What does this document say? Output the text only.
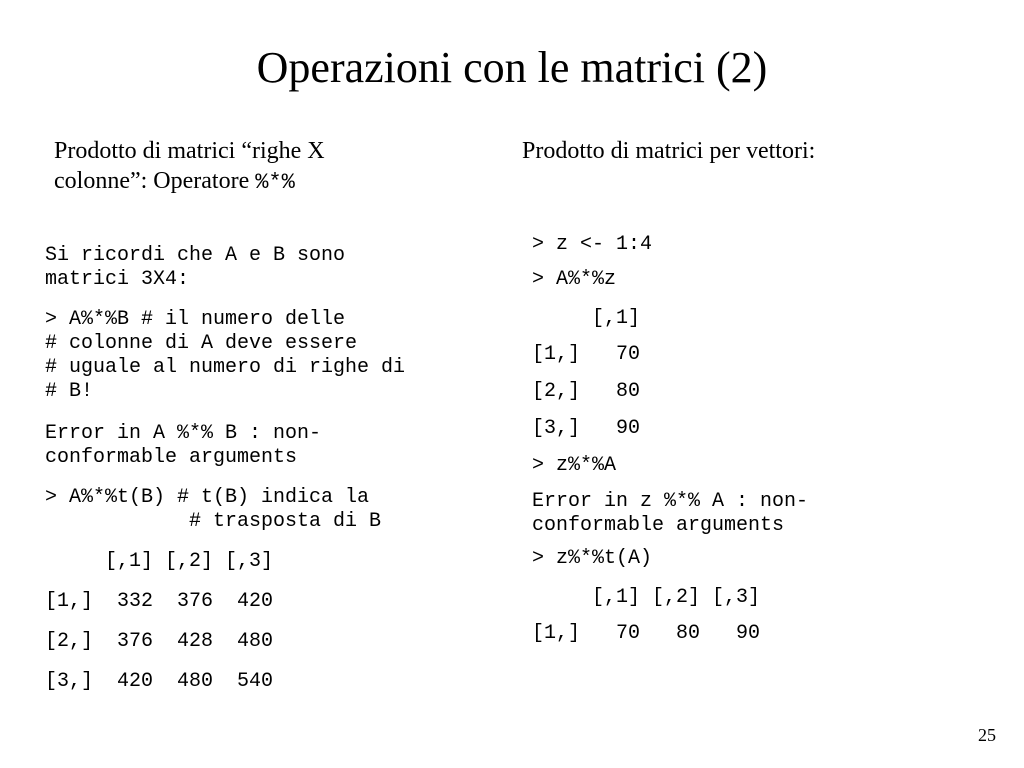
Operazioni con le matrici (2)
Prodotto di matrici “righe X
colonne”: Operatore %*%
Prodotto di matrici per vettori:
Si ricordi che A e B sono
matrici 3X4:
> A%*%B # il numero delle
# colonne di A deve essere
# uguale al numero di righe di
# B!
Error in A %*% B : non-
conformable arguments
> A%*%t(B) # t(B) indica la
# trasposta di B
[,1] [,2] [,3]
[1,]  332  376  420
[2,]  376  428  480
[3,]  420  480  540
> z <- 1:4
> A%*%z
[,1]
[1,]   70
[2,]   80
[3,]   90
> z%*%A
Error in z %*% A : non-
conformable arguments
> z%*%t(A)
[,1] [,2] [,3]
[1,]   70   80   90
25
